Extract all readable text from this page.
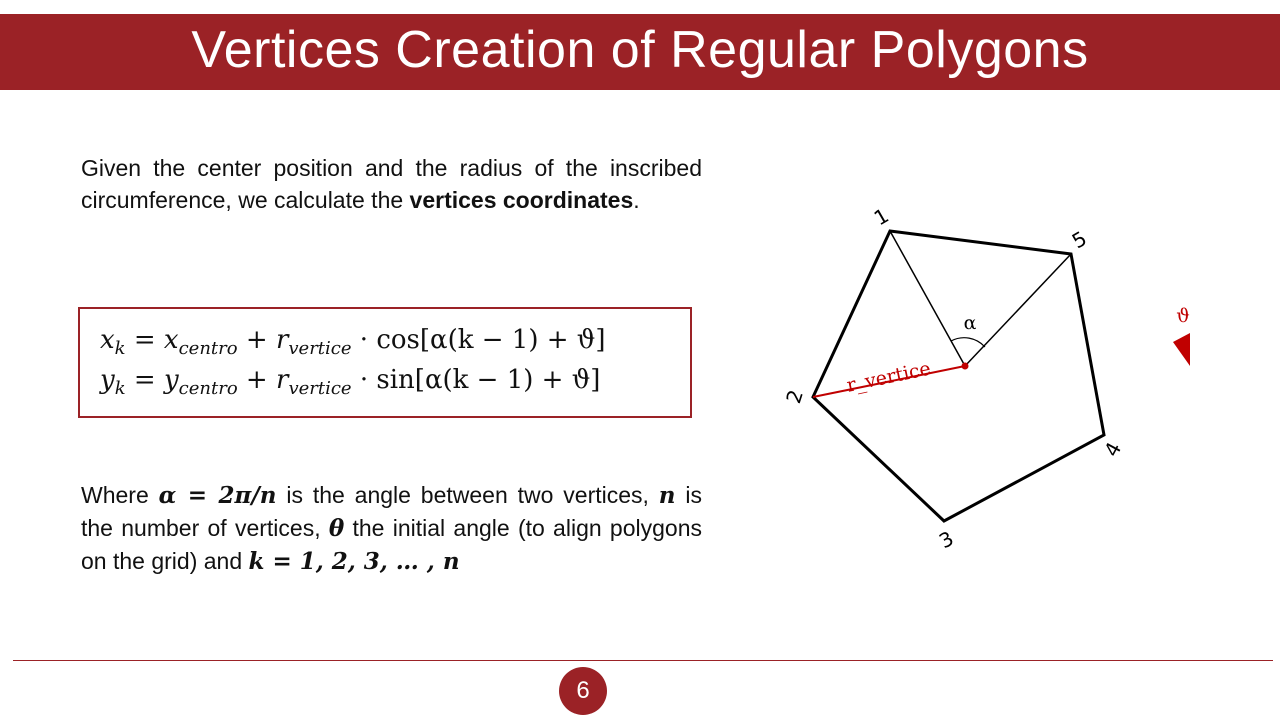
Vertices Creation of Regular Polygons

Given the center position and the radius of the inscribed circumference, we calculate the vertices coordinates.

$x_k = x_{centro} + r_{vertice} \cdot \cos[\alpha(k - 1) + ϑ]$
$y_k = y_{centro} + r_{vertice} \cdot \sin[\alpha(k - 1) + ϑ]$

Where α = 2π/n is the angle between two vertices, n is the number of vertices, θ the initial angle (to align polygons on the grid) and k = 1, 2, 3, … , n

α
r_vertice
1
2
3
4
5
ϑ
6
